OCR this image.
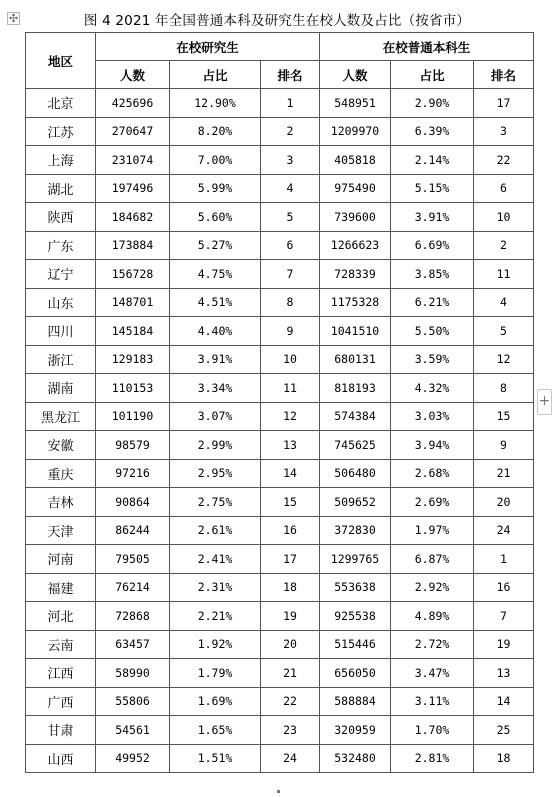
✣	图 4 2021 年全国普通本科及研究生在校人数及占比（按省市）
地区	在校研究生			在校普通本科生		
	人数	占比	排名	人数	占比	排名
北京	425696	12.90%	1	548951	2.90%	17
江苏	270647	8.20%	2	1209970	6.39%	3
上海	231074	7.00%	3	405818	2.14%	22
湖北	197496	5.99%	4	975490	5.15%	6
陕西	184682	5.60%	5	739600	3.91%	10
广东	173884	5.27%	6	1266623	6.69%	2
辽宁	156728	4.75%	7	728339	3.85%	11
山东	148701	4.51%	8	1175328	6.21%	4
四川	145184	4.40%	9	1041510	5.50%	5
浙江	129183	3.91%	10	680131	3.59%	12
湖南	110153	3.34%	11	818193	4.32%	8
黑龙江	101190	3.07%	12	574384	3.03%	15
安徽	98579	2.99%	13	745625	3.94%	9
重庆	97216	2.95%	14	506480	2.68%	21
吉林	90864	2.75%	15	509652	2.69%	20
天津	86244	2.61%	16	372830	1.97%	24
河南	79505	2.41%	17	1299765	6.87%	1
福建	76214	2.31%	18	553638	2.92%	16
河北	72868	2.21%	19	925538	4.89%	7
云南	63457	1.92%	20	515446	2.72%	19
江西	58990	1.79%	21	656050	3.47%	13
广西	55806	1.69%	22	588884	3.11%	14
甘肃	54561	1.65%	23	320959	1.70%	25
山西	49952	1.51%	24	532480	2.81%	18
+
